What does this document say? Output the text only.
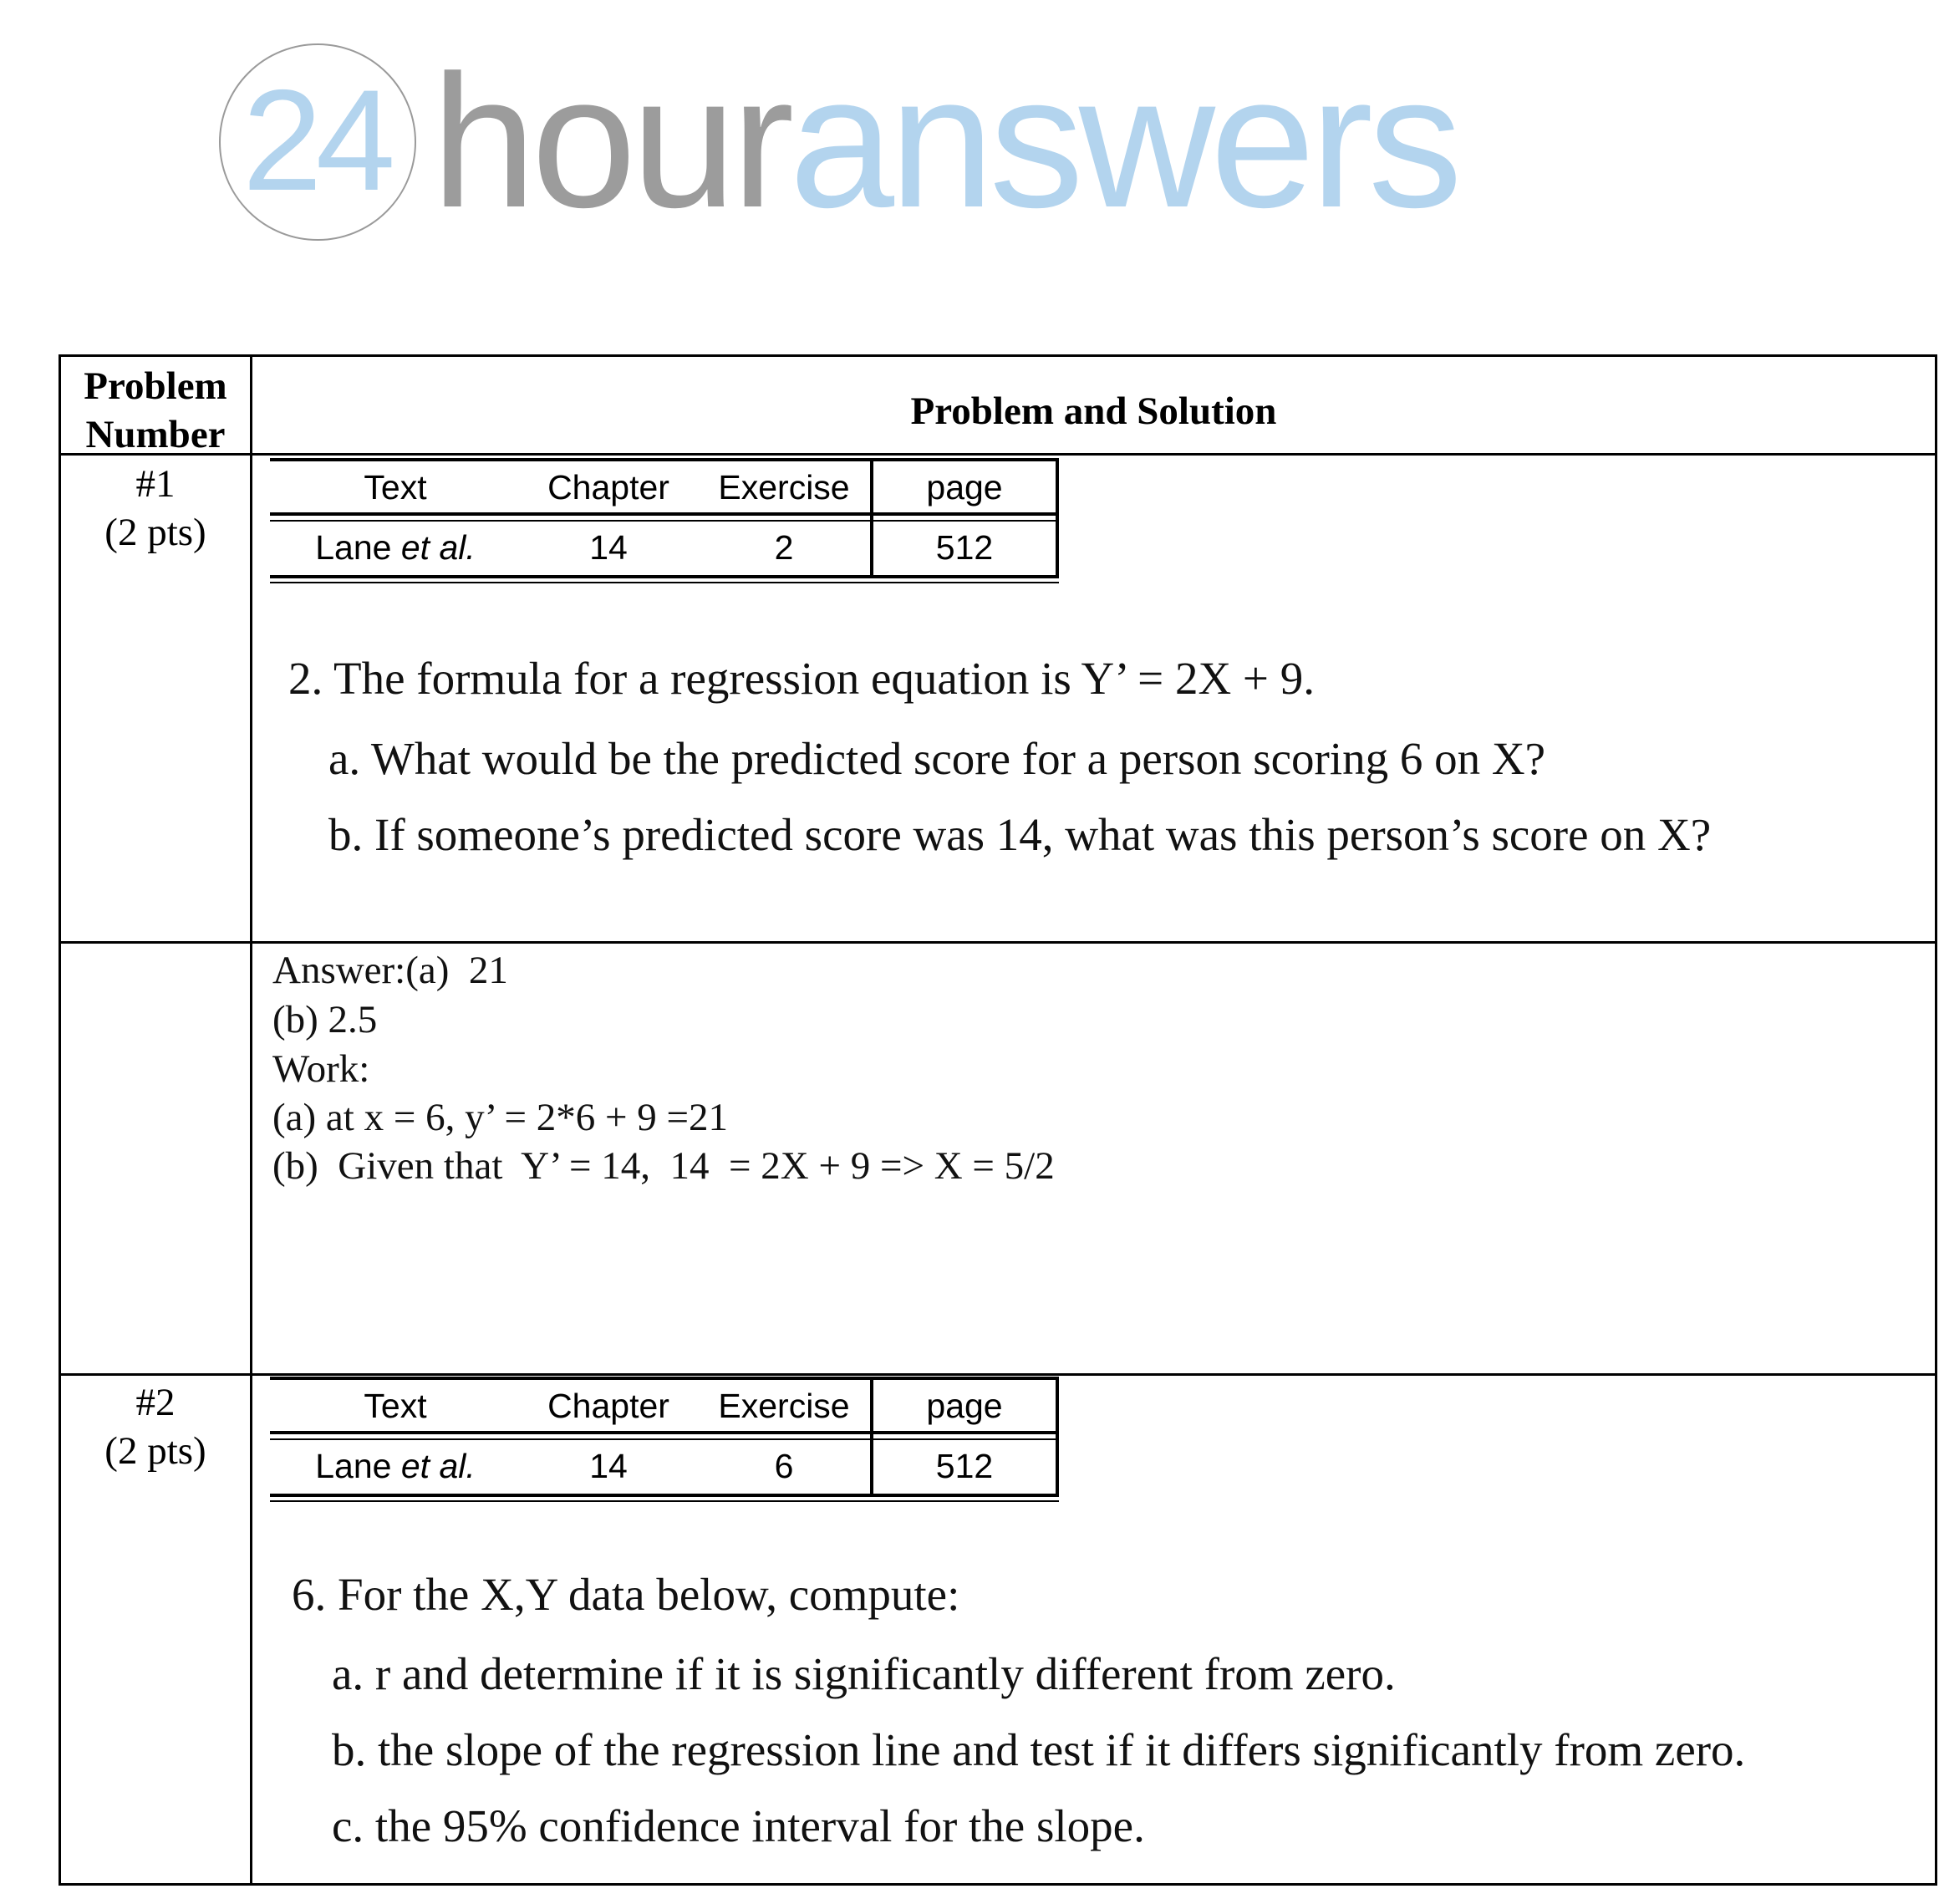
24 houranswers
Problem
Number
Problem and Solution
#1
(2 pts)
Text	Chapter	Exercise	page
Lane et al.	14	2	512
2. The formula for a regression equation is Y’ = 2X + 9.
a. What would be the predicted score for a person scoring 6 on X?
b. If someone’s predicted score was 14, what was this person’s score on X?
Answer:(a)  21
(b) 2.5
Work:
(a) at x = 6, y’ = 2*6 + 9 =21
(b)  Given that  Y’ = 14,  14  = 2X + 9 => X = 5/2
#2
(2 pts)
Text	Chapter	Exercise	page
Lane et al.	14	6	512
6. For the X,Y data below, compute:
a. r and determine if it is significantly different from zero.
b. the slope of the regression line and test if it differs significantly from zero.
c. the 95% confidence interval for the slope.
